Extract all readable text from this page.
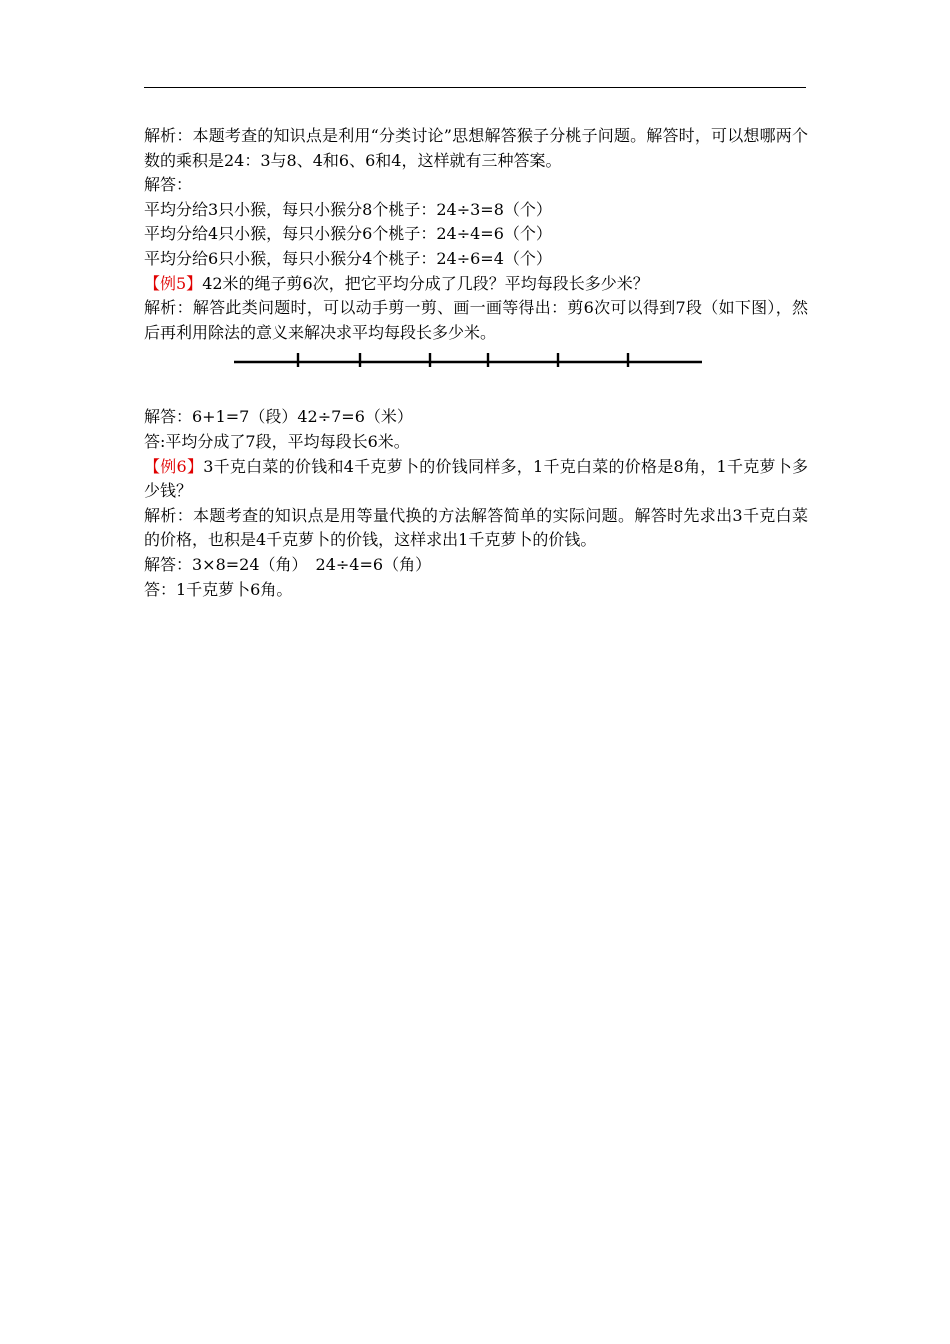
解析：本题考查的知识点是利用“分类讨论”思想解答猴子分桃子问题。解答时，可以想哪两个数的乘积是24：3与8、4和6、6和4，这样就有三种答案。
解答：
平均分给3只小猴，每只小猴分8个桃子：24÷3=8（个）
平均分给4只小猴，每只小猴分6个桃子：24÷4=6（个）
平均分给6只小猴，每只小猴分4个桃子：24÷6=4（个）
【例5】42米的绳子剪6次，把它平均分成了几段？平均每段长多少米？
解析：解答此类问题时，可以动手剪一剪、画一画等得出：剪6次可以得到7段（如下图），然后再利用除法的意义来解决求平均每段长多少米。
解答：6+1=7（段）42÷7=6（米）
答:平均分成了7段，平均每段长6米。
【例6】3千克白菜的价钱和4千克萝卜的价钱同样多，1千克白菜的价格是8角，1千克萝卜多少钱？
解析：本题考查的知识点是用等量代换的方法解答简单的实际问题。解答时先求出3千克白菜的价格，也积是4千克萝卜的价钱，这样求出1千克萝卜的价钱。
解答：3×8=24（角）　24÷4=6（角）
答：1千克萝卜6角。
